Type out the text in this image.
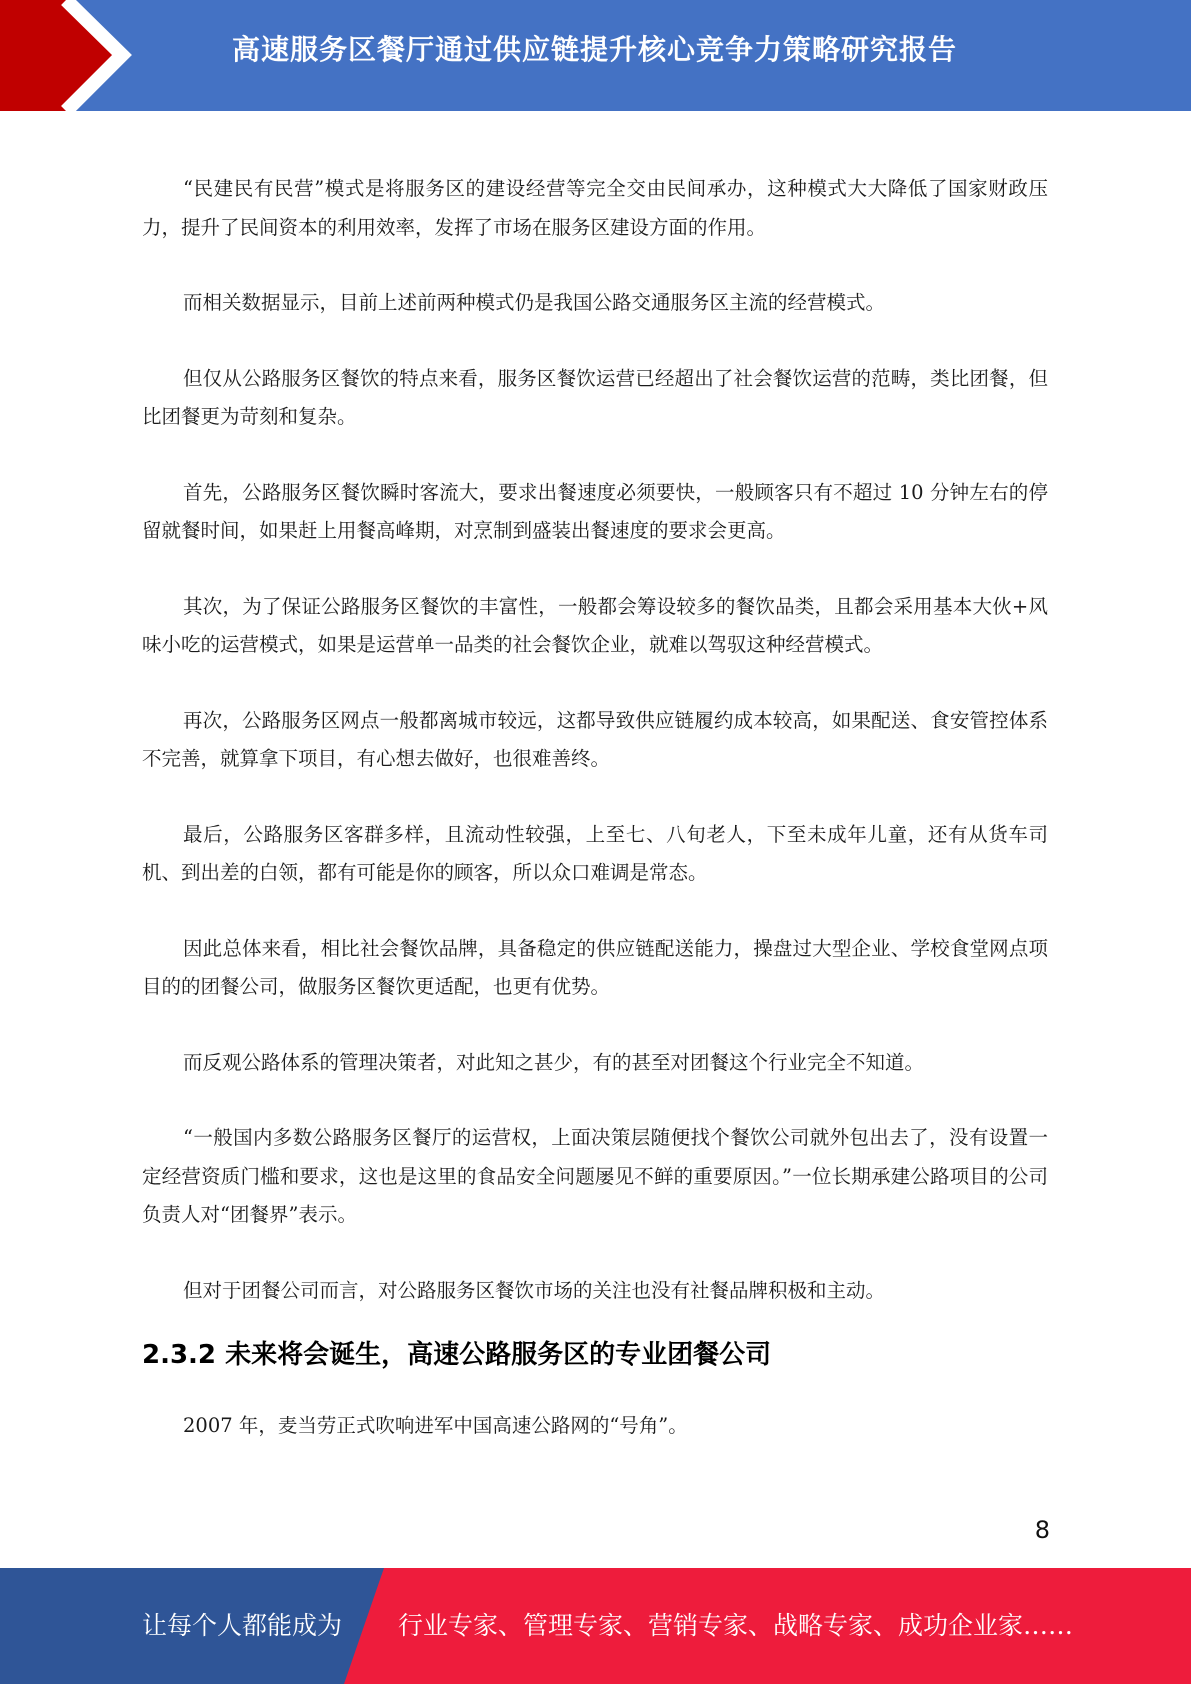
高速服务区餐厅通过供应链提升核心竞争力策略研究报告

“民建民有民营”模式是将服务区的建设经营等完全交由民间承办，这种模式大大降低了国家财政压力，提升了民间资本的利用效率，发挥了市场在服务区建设方面的作用。

而相关数据显示，目前上述前两种模式仍是我国公路交通服务区主流的经营模式。

但仅从公路服务区餐饮的特点来看，服务区餐饮运营已经超出了社会餐饮运营的范畴，类比团餐，但比团餐更为苛刻和复杂。

首先，公路服务区餐饮瞬时客流大，要求出餐速度必须要快，一般顾客只有不超过 10 分钟左右的停留就餐时间，如果赶上用餐高峰期，对烹制到盛装出餐速度的要求会更高。

其次，为了保证公路服务区餐饮的丰富性，一般都会筹设较多的餐饮品类，且都会采用基本大伙+风味小吃的运营模式，如果是运营单一品类的社会餐饮企业，就难以驾驭这种经营模式。

再次，公路服务区网点一般都离城市较远，这都导致供应链履约成本较高，如果配送、食安管控体系不完善，就算拿下项目，有心想去做好，也很难善终。

最后，公路服务区客群多样，且流动性较强，上至七、八旬老人，下至未成年儿童，还有从货车司机、到出差的白领，都有可能是你的顾客，所以众口难调是常态。

因此总体来看，相比社会餐饮品牌，具备稳定的供应链配送能力，操盘过大型企业、学校食堂网点项目的的团餐公司，做服务区餐饮更适配，也更有优势。

而反观公路体系的管理决策者，对此知之甚少，有的甚至对团餐这个行业完全不知道。

“一般国内多数公路服务区餐厅的运营权，上面决策层随便找个餐饮公司就外包出去了，没有设置一定经营资质门槛和要求，这也是这里的食品安全问题屡见不鲜的重要原因。”一位长期承建公路项目的公司负责人对“团餐界”表示。

但对于团餐公司而言，对公路服务区餐饮市场的关注也没有社餐品牌积极和主动。

2.3.2 未来将会诞生，高速公路服务区的专业团餐公司

2007 年，麦当劳正式吹响进军中国高速公路网的“号角”。

8
让每个人都能成为 行业专家、管理专家、营销专家、战略专家、成功企业家……
